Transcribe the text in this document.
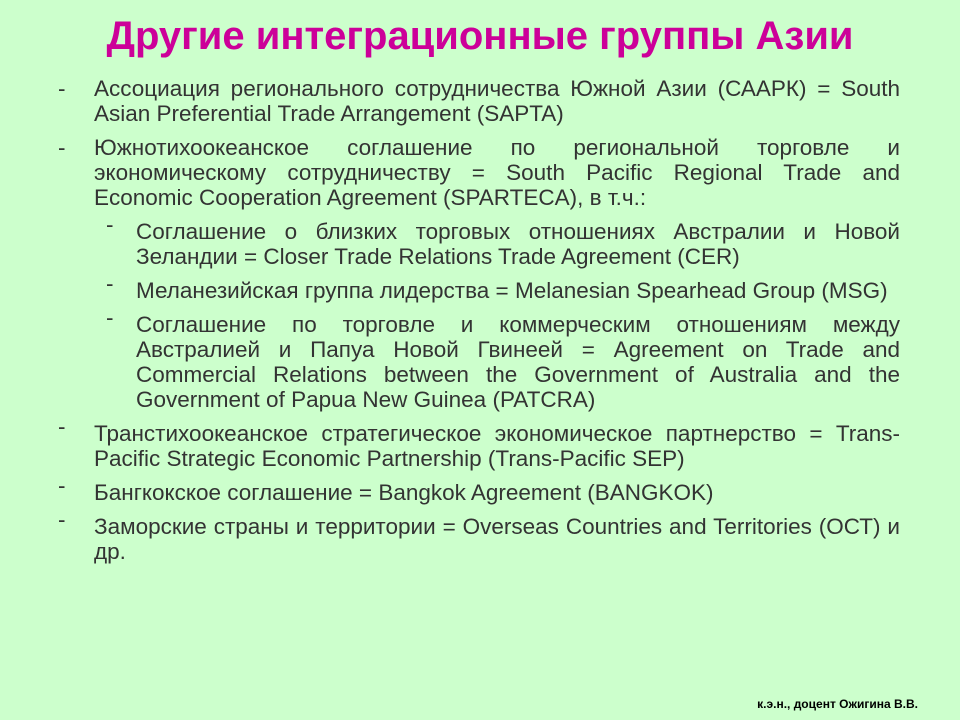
Другие интеграционные группы Азии
- Ассоциация регионального сотрудничества Южной Азии (СААРК) = South Asian Preferential Trade Arrangement (SAPTA)
- Южнотихоокеанское соглашение по региональной торговле и экономическому сотрудничеству = South Pacific Regional Trade and Economic Cooperation Agreement (SPARTECA), в т.ч.:
- Соглашение о близких торговых отношениях Австралии и Новой Зеландии = Closer Trade Relations Trade Agreement (CER)
- Меланезийская группа лидерства = Melanesian Spearhead Group (MSG)
- Соглашение по торговле и коммерческим отношениям между Австралией и Папуа Новой Гвинеей = Agreement on Trade and Commercial Relations between the Government of Australia and the Government of Papua New Guinea (PATCRA)
- Транстихоокеанское стратегическое экономическое партнерство = Trans-Pacific Strategic Economic Partnership (Trans-Pacific SEP)
- Бангкокское соглашение = Bangkok Agreement (BANGKOK)
- Заморские страны и территории = Overseas Countries and Territories (ОСТ) и др.
к.э.н., доцент Ожигина В.В.
